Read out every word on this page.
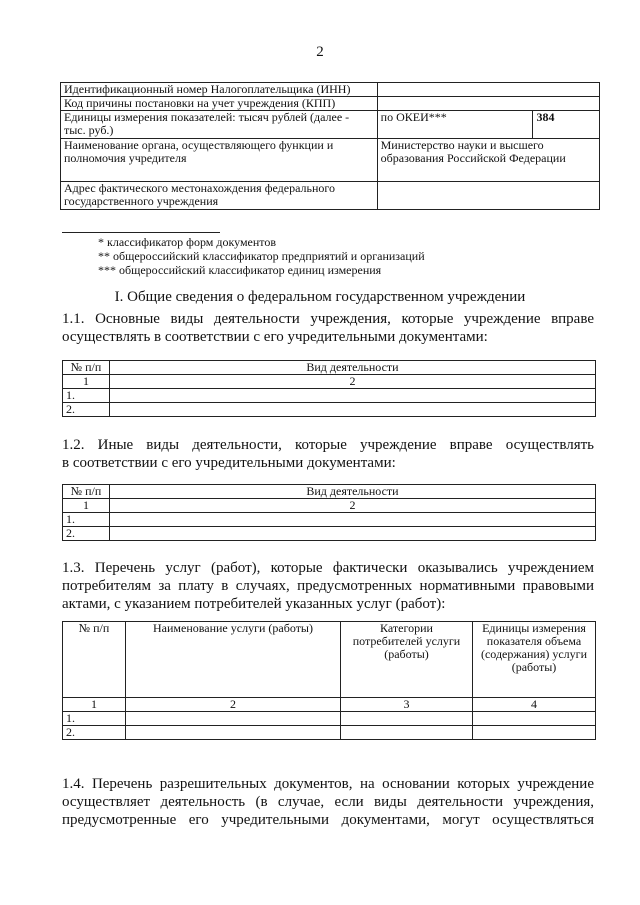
2
Идентификационный номер Налогоплательщика (ИНН)		
Код причины постановки на учет учреждения (КПП)		
Единицы измерения показателей: тысяч рублей (далее - тыс. руб.)	по ОКЕИ***	384
Наименование органа, осуществляющего функции и полномочия учредителя	Министерство науки и высшего образования Российской Федерации	
Адрес фактического местонахождения федерального государственного учреждения		
* классификатор форм документов
** общероссийский классификатор предприятий и организаций
*** общероссийский классификатор единиц измерения
I. Общие сведения о федеральном государственном учреждении
1.1. Основные виды деятельности учреждения, которые учреждение вправе
осуществлять в соответствии с его учредительными документами:
№ п/п	Вид деятельности
1	2
1.	
2.	
1.2. Иные виды деятельности, которые учреждение вправе осуществлять
в соответствии с его учредительными документами:
№ п/п	Вид деятельности
1	2
1.	
2.	
1.3. Перечень услуг (работ), которые фактически оказывались учреждением
потребителям за плату в случаях, предусмотренных нормативными правовыми
актами, с указанием потребителей указанных услуг (работ):
№ п/п	Наименование услуги (работы)	Категории потребителей услуги (работы)	Единицы измерения показателя объема (содержания) услуги (работы)
1	2	3	4
1.			
2.			
1.4. Перечень разрешительных документов, на основании которых учреждение
осуществляет деятельность (в случае, если виды деятельности учреждения,
предусмотренные его учредительными документами, могут осуществляться
